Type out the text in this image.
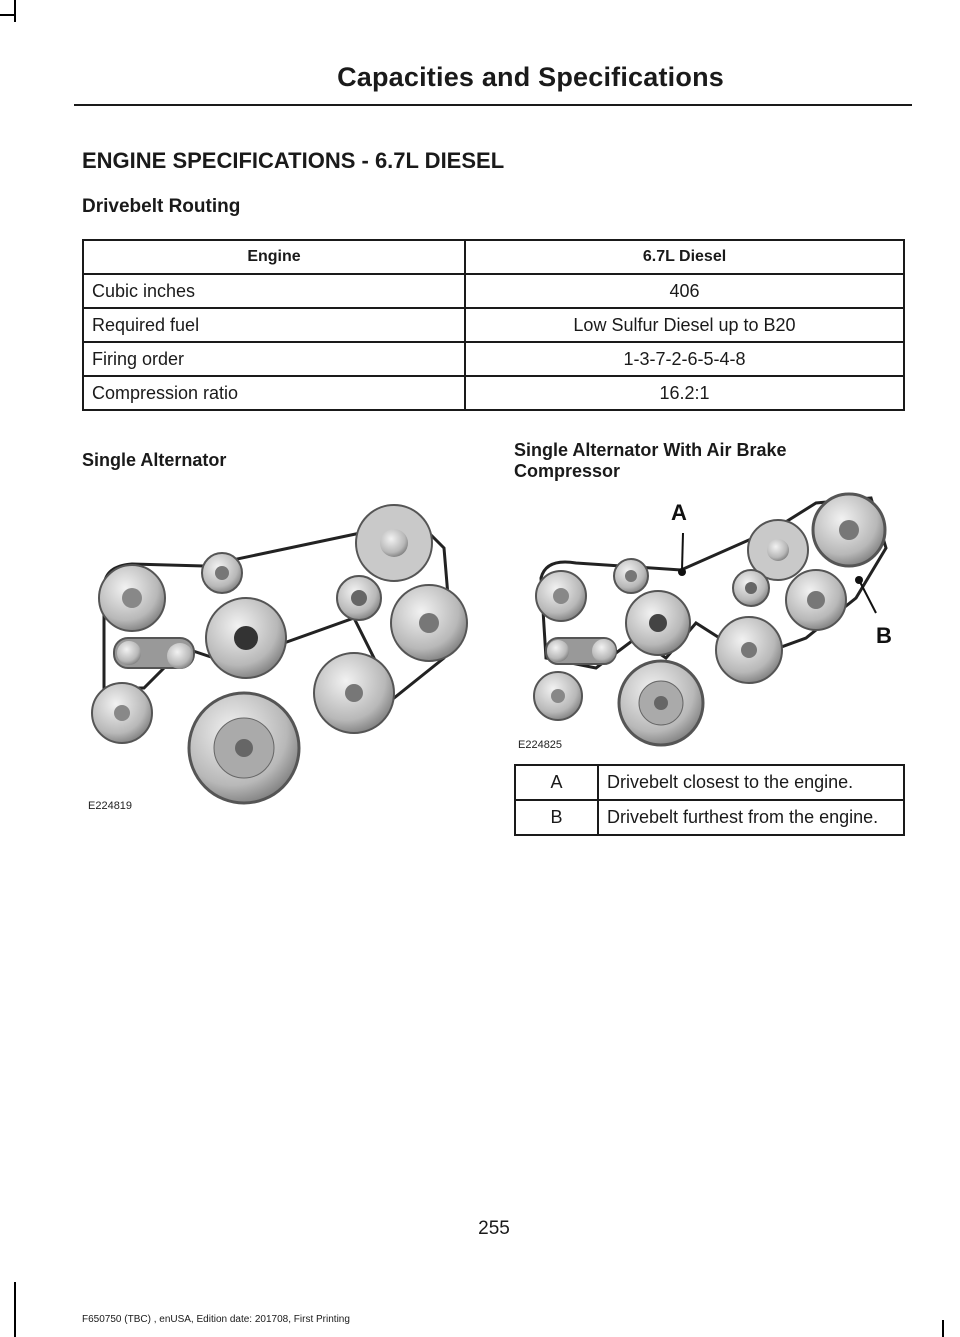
Capacities and Specifications
ENGINE SPECIFICATIONS - 6.7L DIESEL
Drivebelt Routing
Engine	6.7L Diesel
Cubic inches	406
Required fuel	Low Sulfur Diesel up to B20
Firing order	1-3-7-2-6-5-4-8
Compression ratio	16.2:1
Single Alternator	Single Alternator With Air Brake Compressor
E224819
A
B
E224825
A	Drivebelt closest to the engine.
B	Drivebelt furthest from the engine.
255
F650750 (TBC) , enUSA, Edition date: 201708, First Printing
